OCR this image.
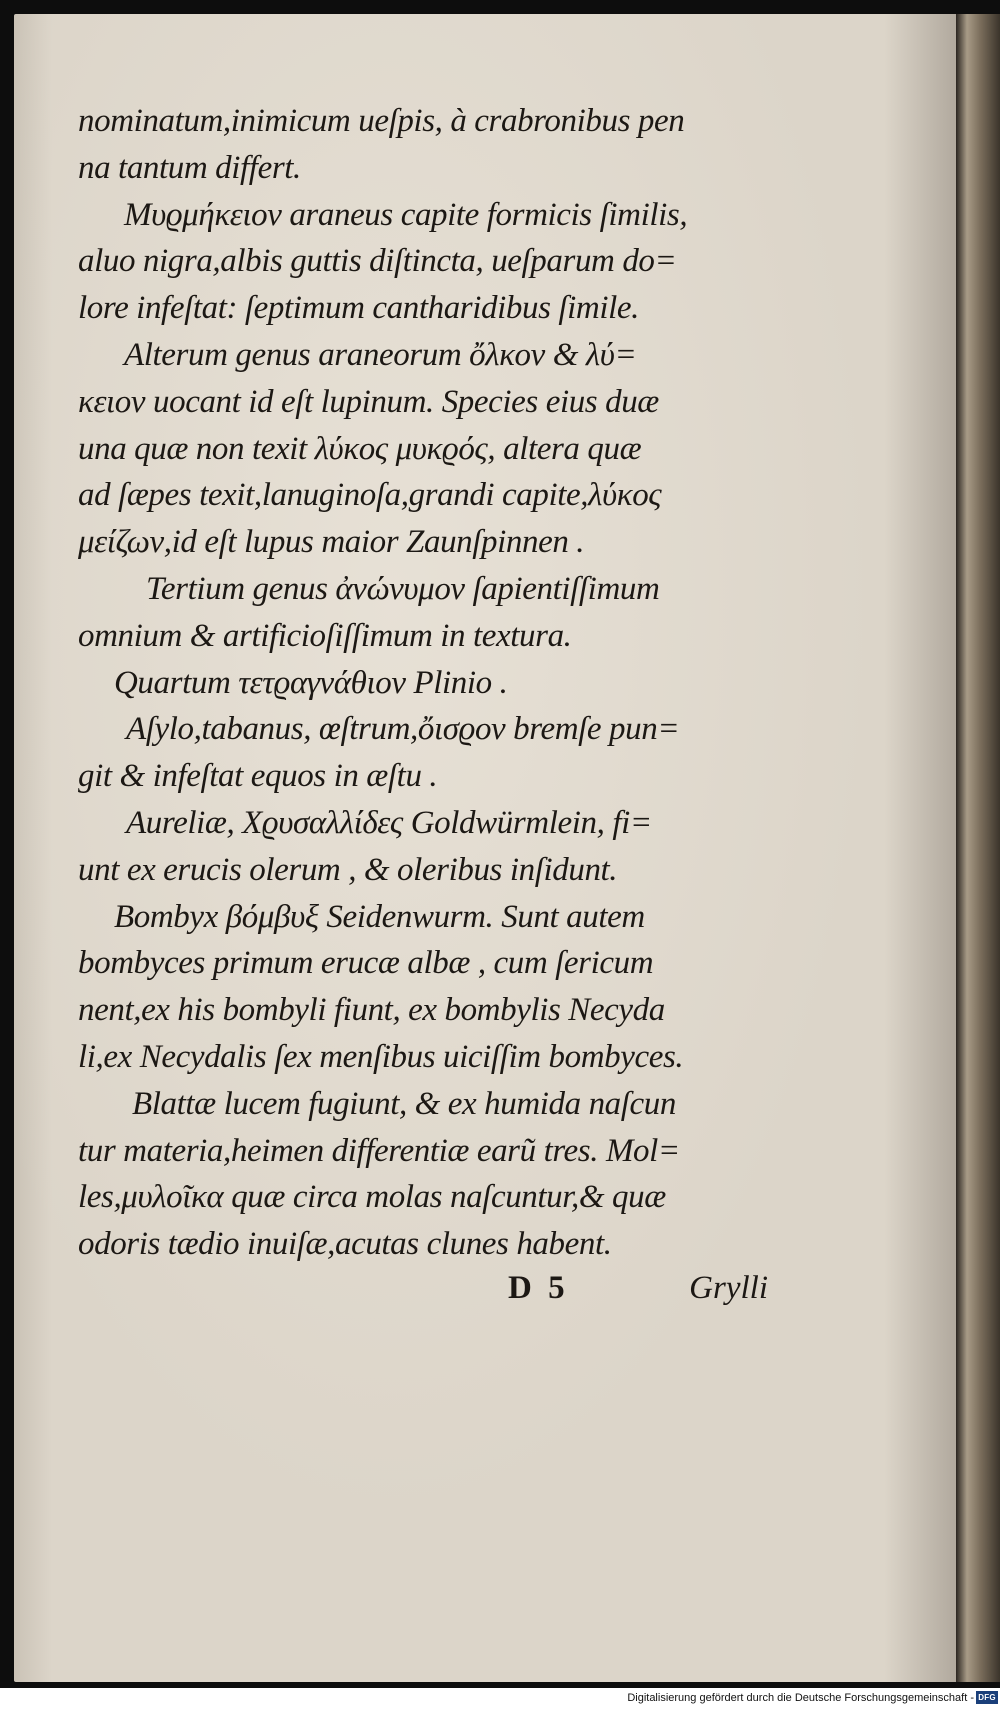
nominatum,inimicum ueſpis, à crabronibus pen
na tantum differt.
Μυϱμήκειον araneus capite formicis ſimilis,
aluo nigra,albis guttis diſtincta, ueſparum do=
lore infeſtat: ſeptimum cantharidibus ſimile.
Alterum genus araneorum ὄλκον & λύ=
κειον uocant id eſt lupinum. Species eius duæ
una quæ non texit λύκος μυκϱός, altera quæ
ad ſæpes texit,lanuginoſa,grandi capite,λύκος
μείζων,id eſt lupus maior Zaunſpinnen .
Tertium genus ἀνώνυμον ſapientiſſimum
omnium & artificioſiſſimum in textura.
Quartum τετϱαγνάθιον Plinio .
Aſylo,tabanus, œſtrum,ὄισϱον bremſe pun=
git & infeſtat equos in æſtu .
Aureliæ, Χϱυσαλλίδες Goldwürmlein, fi=
unt ex erucis olerum , & oleribus inſidunt.
Bombyx βόμβυξ Seidenwurm. Sunt autem
bombyces primum erucæ albæ , cum ſericum
nent,ex his bombyli fiunt, ex bombylis Necyda
li,ex Necydalis ſex menſibus uiciſſim bombyces.
Blattæ lucem fugiunt, & ex humida naſcun
tur materia,heimen differentiæ earũ tres. Mol=
les,μυλοῖκα quæ circa molas naſcuntur,& quæ
odoris tædio inuiſæ,acutas clunes habent.
D 5	Grylli
Digitalisierung gefördert durch die Deutsche Forschungsgemeinschaft - DFG
